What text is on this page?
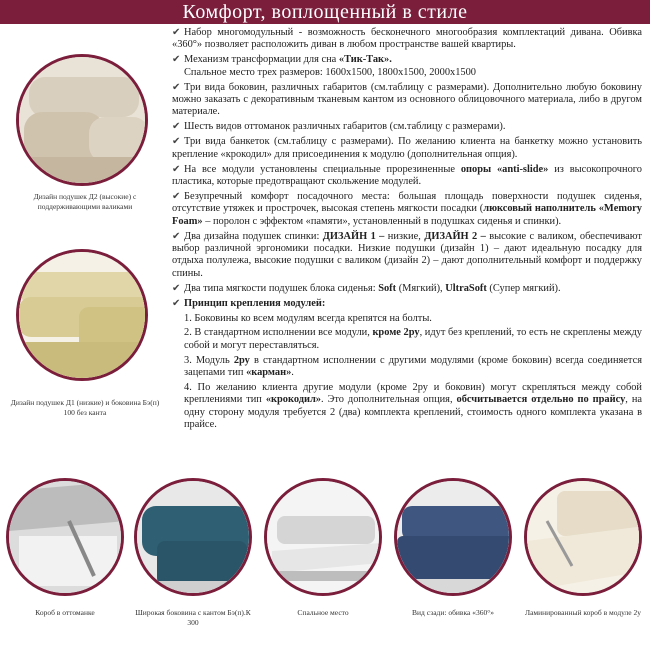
Комфорт, воплощенный в стиле
Дизайн подушек Д2 (высокие) с поддерживающими валиками
Дизайн подушек Д1 (низкие) и боковина Бэ(п) 100 без канта

✔ Набор многомодульный - возможность бесконечного многообразия комплектаций дивана. Обивка «360°» позволяет расположить диван в любом пространстве вашей квартиры.

✔ Механизм трансформации для сна «Тик-Так».
Спальное место трех размеров: 1600x1500, 1800x1500, 2000x1500

✔ Три вида боковин, различных габаритов (см.таблицу с размерами). Дополнительно любую боковину можно заказать с декоративным тканевым кантом из основного облицовочного материала, либо в другом материале.

✔ Шесть видов оттоманок различных габаритов (см.таблицу с размерами).

✔ Три вида банкеток (см.таблицу с размерами). По желанию клиента на банкетку можно установить крепление «крокодил» для присоединения к модулю (дополнительная опция).

✔ На все модули установлены специальные прорезиненные опоры «anti-slide» из высокопрочного пластика, которые предотвращают скольжение модулей.

✔ Безупречный комфорт посадочного места: большая площадь поверхности подушек сиденья, отсутствие утяжек и прострочек, высокая степень мягкости посадки (люксовый наполнитель «Memory Foam» – поролон с эффектом «памяти», установленный в подушках сиденья и спинки).

✔ Два дизайна подушек спинки: ДИЗАЙН 1 – низкие, ДИЗАЙН 2 – высокие с валиком, обеспечивают выбор различной эргономики посадки. Низкие подушки (дизайн 1) – дают идеальную посадку для отдыха полулежа, высокие подушки с валиком (дизайн 2) – дают дополнительный комфорт и поддержку спины.

✔ Два типа мягкости подушек блока сиденья: Soft (Мягкий), UltraSoft (Супер мягкий).

✔ Принцип крепления модулей:

1. Боковины ко всем модулям всегда крепятся на болты.

2. В стандартном исполнении все модули, кроме 2ру, идут без креплений, то есть не скреплены между собой и могут переставляться.

3. Модуль 2ру в стандартном исполнении с другими модулями (кроме боковин) всегда соединяется зацепами тип «карман».

4. По желанию клиента другие модули (кроме 2ру и боковин) могут скрепляться между собой креплениями тип «крокодил». Это дополнительная опция, обсчитывается отдельно по прайсу, на одну сторону модуля требуется 2 (два) комплекта креплений, стоимость одного комплекта указана в прайсе.

Короб в оттоманке	Широкая боковина с кантом Бэ(п).К 300
Спальное место	Вид сзади: обивка «360°»	Ламинированный короб в модуле 2у
